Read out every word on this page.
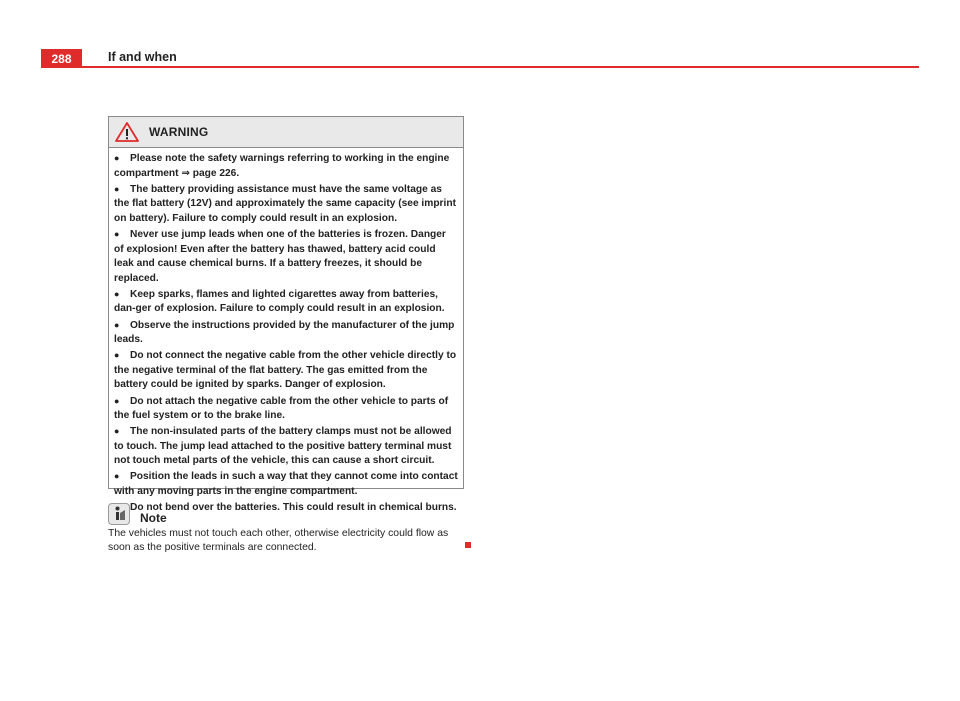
288	If and when
WARNING

● Please note the safety warnings referring to working in the engine compartment ⇒ page 226.

● The battery providing assistance must have the same voltage as the flat battery (12V) and approximately the same capacity (see imprint on battery). Failure to comply could result in an explosion.

● Never use jump leads when one of the batteries is frozen. Danger of explosion! Even after the battery has thawed, battery acid could leak and cause chemical burns. If a battery freezes, it should be replaced.

● Keep sparks, flames and lighted cigarettes away from batteries, dan-ger of explosion. Failure to comply could result in an explosion.

● Observe the instructions provided by the manufacturer of the jump leads.

● Do not connect the negative cable from the other vehicle directly to the negative terminal of the flat battery. The gas emitted from the battery could be ignited by sparks. Danger of explosion.

● Do not attach the negative cable from the other vehicle to parts of the fuel system or to the brake line.

● The non-insulated parts of the battery clamps must not be allowed to touch. The jump lead attached to the positive battery terminal must not touch metal parts of the vehicle, this can cause a short circuit.

● Position the leads in such a way that they cannot come into contact with any moving parts in the engine compartment.

Do not bend over the batteries. This could result in chemical burns.

Note
The vehicles must not touch each other, otherwise electricity could flow as soon as the positive terminals are connected.
